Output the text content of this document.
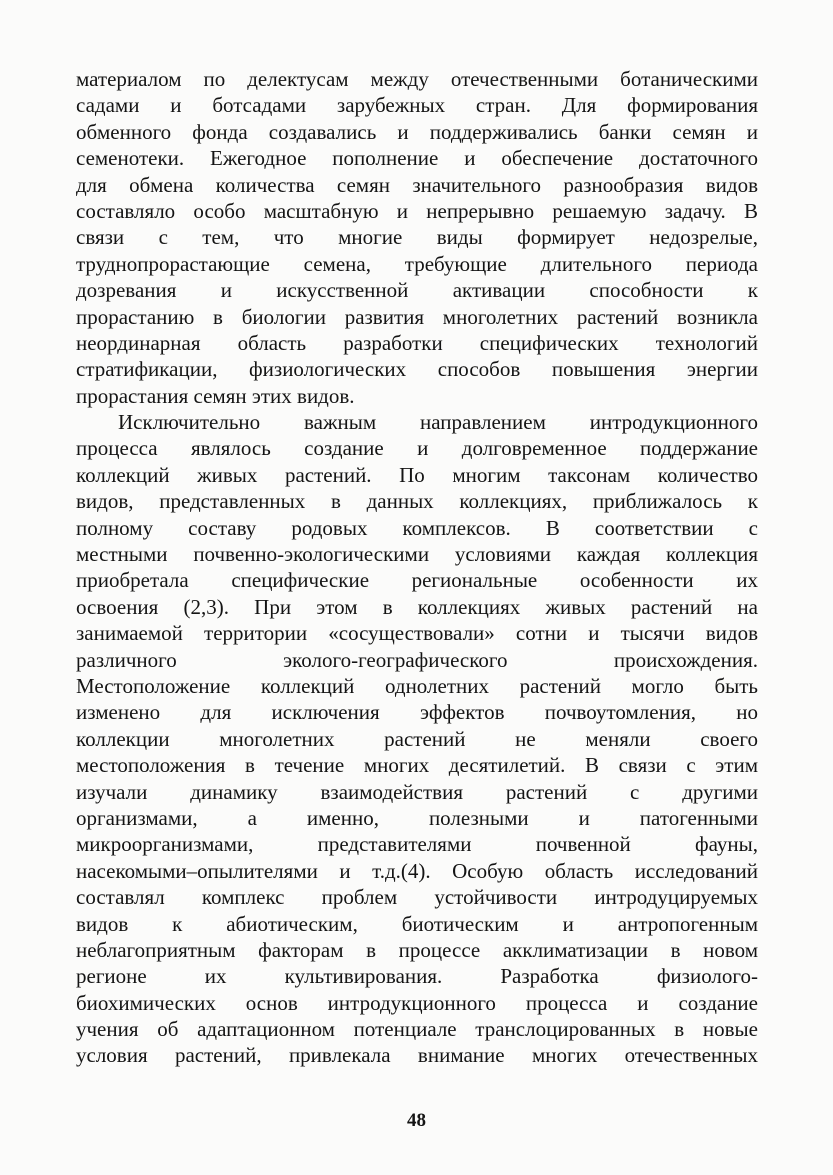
материалом по делектусам между отечественными ботаническими
садами и ботсадами зарубежных стран. Для формирования
обменного фонда создавались и поддерживались банки семян и
семенотеки. Ежегодное пополнение и обеспечение достаточного
для обмена количества семян значительного разнообразия видов
составляло особо масштабную и непрерывно решаемую задачу. В
связи с тем, что многие виды формирует недозрелые,
труднопрорастающие семена, требующие длительного периода
дозревания и искусственной активации способности к
прорастанию в биологии развития многолетних растений возникла
неординарная область разработки специфических технологий
стратификации, физиологических способов повышения энергии
прорастания семян этих видов.
Исключительно важным направлением интродукционного
процесса являлось создание и долговременное поддержание
коллекций живых растений. По многим таксонам количество
видов, представленных в данных коллекциях, приближалось к
полному составу родовых комплексов. В соответствии с
местными почвенно-экологическими условиями каждая коллекция
приобретала специфические региональные особенности их
освоения (2,3). При этом в коллекциях живых растений на
занимаемой территории «сосуществовали» сотни и тысячи видов
различного эколого-географического происхождения.
Местоположение коллекций однолетних растений могло быть
изменено для исключения эффектов почвоутомления, но
коллекции многолетних растений не меняли своего
местоположения в течение многих десятилетий. В связи с этим
изучали динамику взаимодействия растений с другими
организмами, а именно, полезными и патогенными
микроорганизмами, представителями почвенной фауны,
насекомыми–опылителями и т.д.(4). Особую область исследований
составлял комплекс проблем устойчивости интродуцируемых
видов к абиотическим, биотическим и антропогенным
неблагоприятным факторам в процессе акклиматизации в новом
регионе их культивирования. Разработка физиолого-
биохимических основ интродукционного процесса и создание
учения об адаптационном потенциале транслоцированных в новые
условия растений, привлекала внимание многих отечественных
48
